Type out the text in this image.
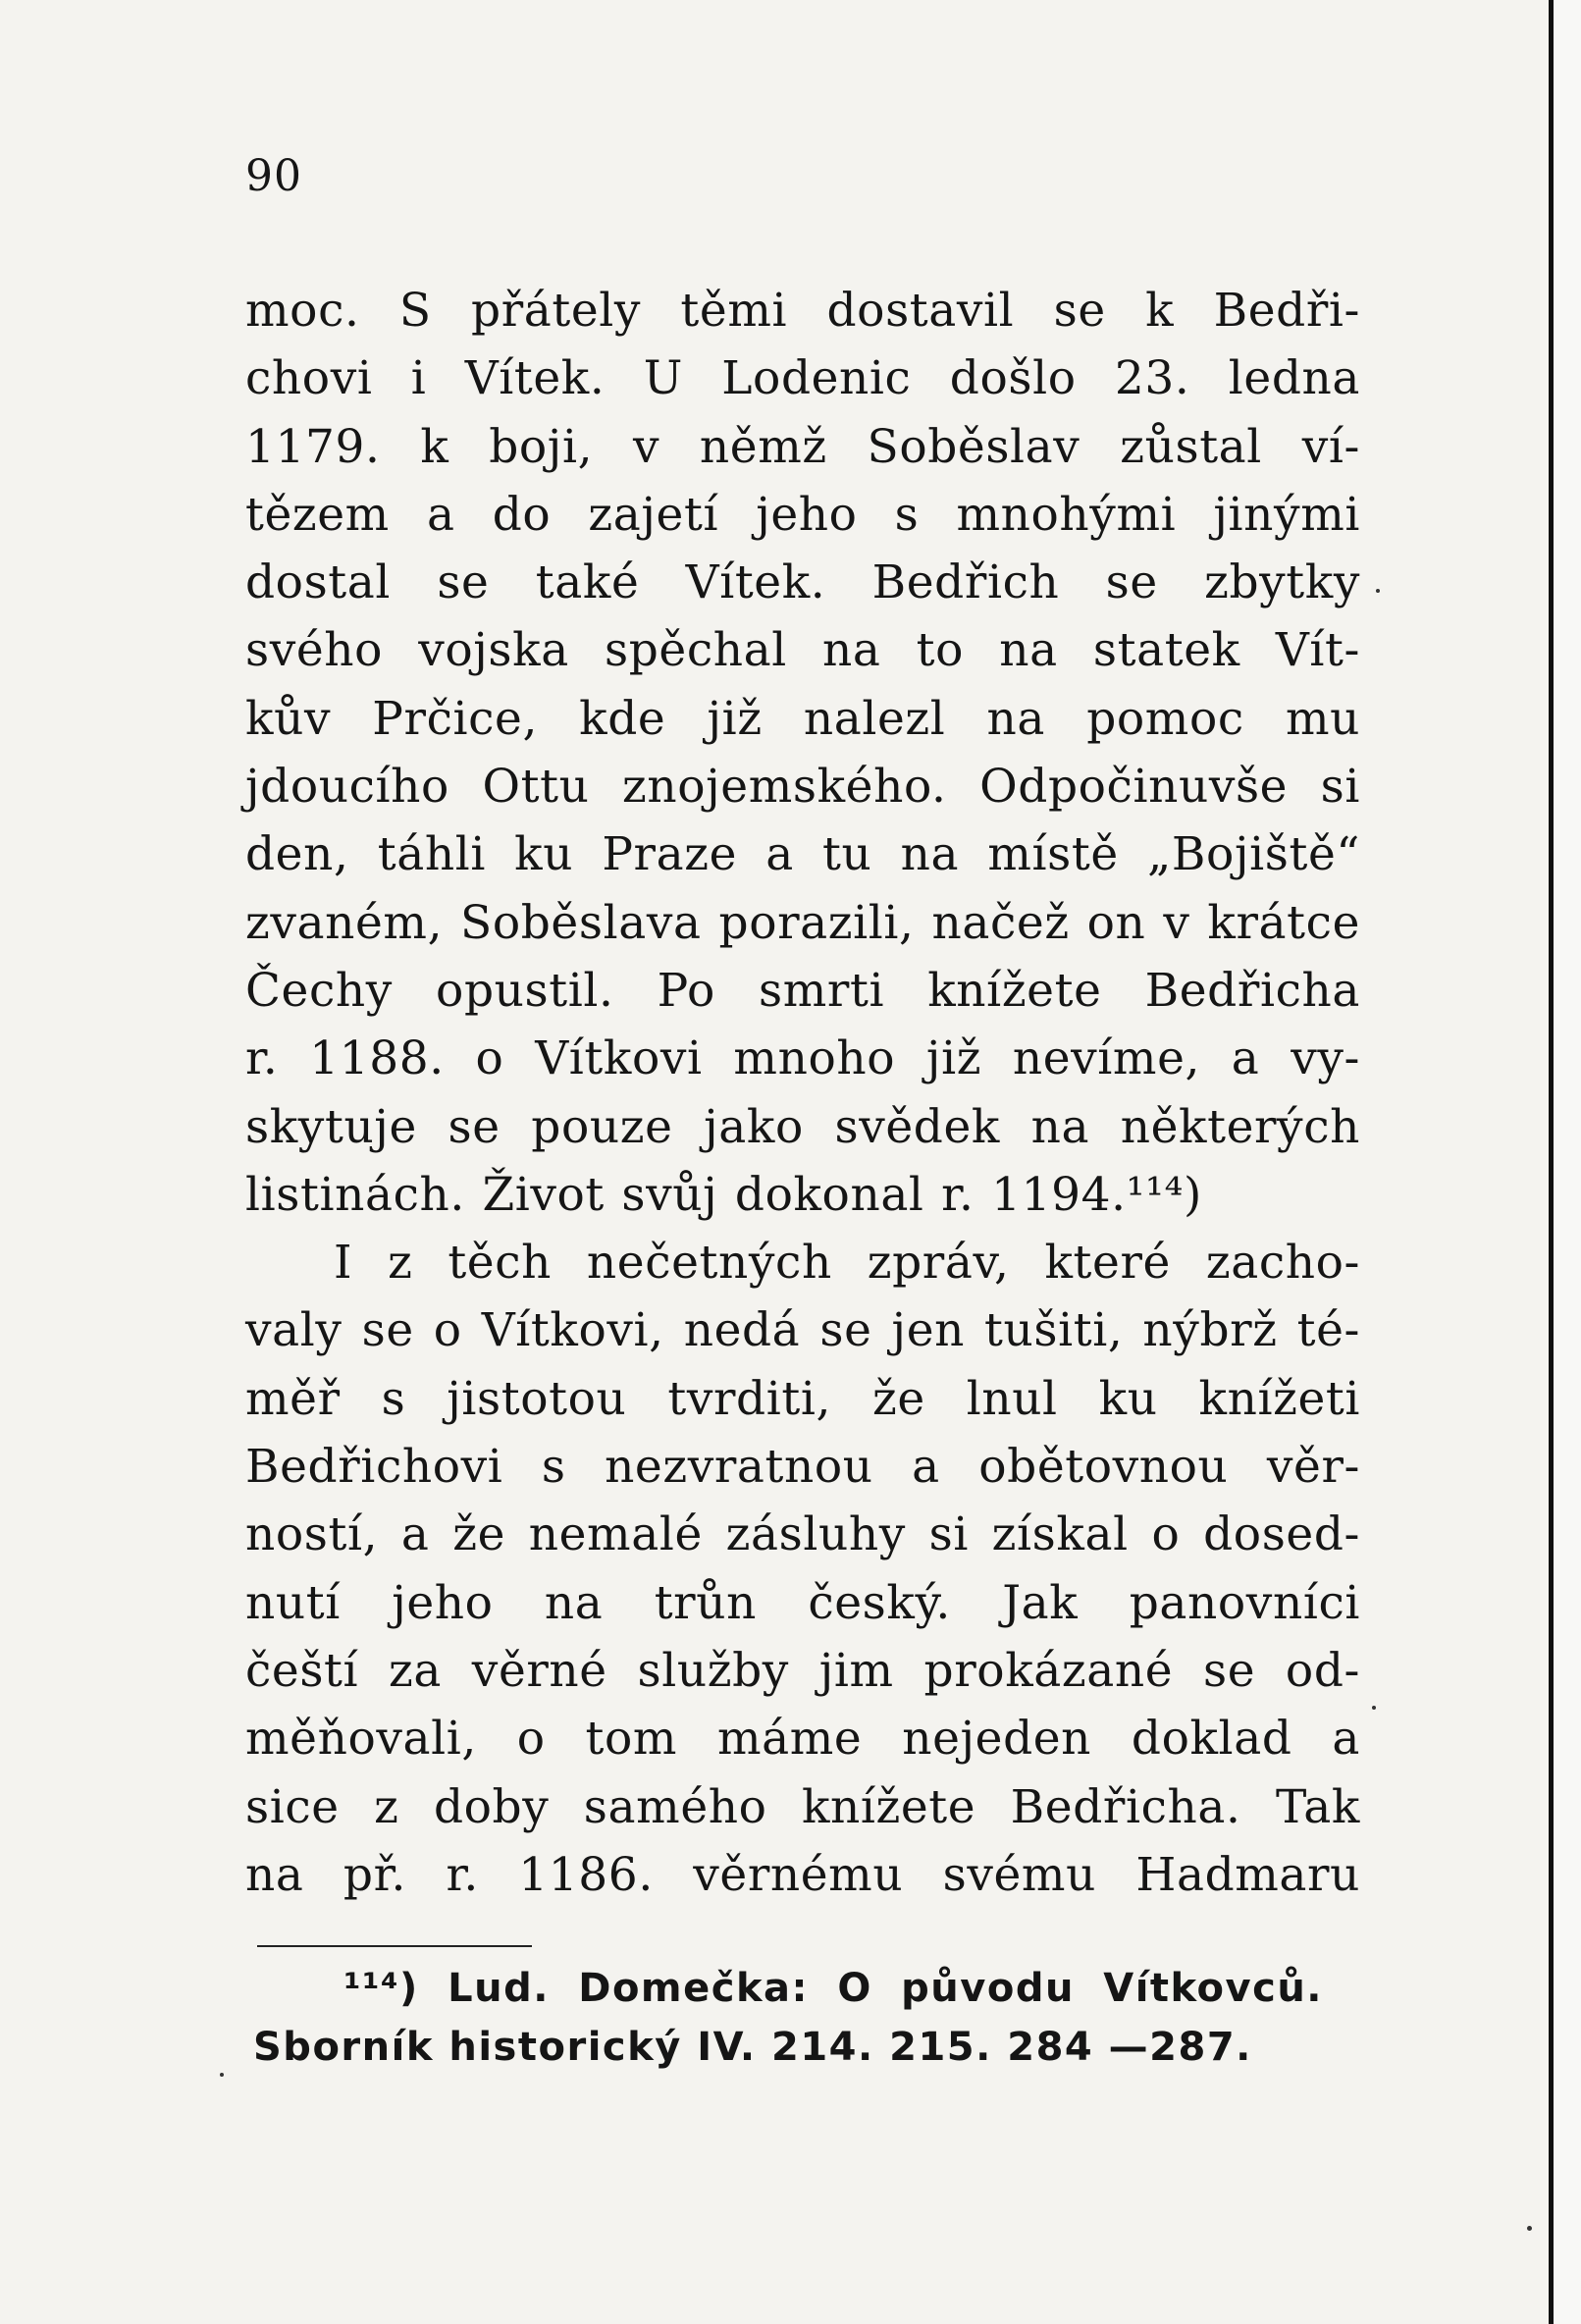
90
moc. S přátely těmi dostavil se k Bedři-
chovi i Vítek. U Lodenic došlo 23. ledna
1179. k boji, v němž Soběslav zůstal ví-
tězem a do zajetí jeho s mnohými jinými
dostal se také Vítek. Bedřich se zbytky
svého vojska spěchal na to na statek Vít-
kův Prčice, kde již nalezl na pomoc mu
jdoucího Ottu znojemského. Odpočinuvše si
den, táhli ku Praze a tu na místě „Bojiště“
zvaném, Soběslava porazili, načež on v krátce
Čechy opustil. Po smrti knížete Bedřicha
r. 1188. o Vítkovi mnoho již nevíme, a vy-
skytuje se pouze jako svědek na některých
listinách. Život svůj dokonal r. 1194.¹¹⁴)
I z těch nečetných zpráv, které zacho-
valy se o Vítkovi, nedá se jen tušiti, nýbrž té-
měř s jistotou tvrditi, že lnul ku knížeti
Bedřichovi s nezvratnou a obětovnou věr-
ností, a že nemalé zásluhy si získal o dosed-
nutí jeho na trůn český. Jak panovníci
čeští za věrné služby jim prokázané se od-
měňovali, o tom máme nejeden doklad a
sice z doby samého knížete Bedřicha. Tak
na př. r. 1186. věrnému svému Hadmaru
¹¹⁴) Lud. Domečka: O původu Vítkovců.
Sborník historický IV. 214. 215. 284 —287.
